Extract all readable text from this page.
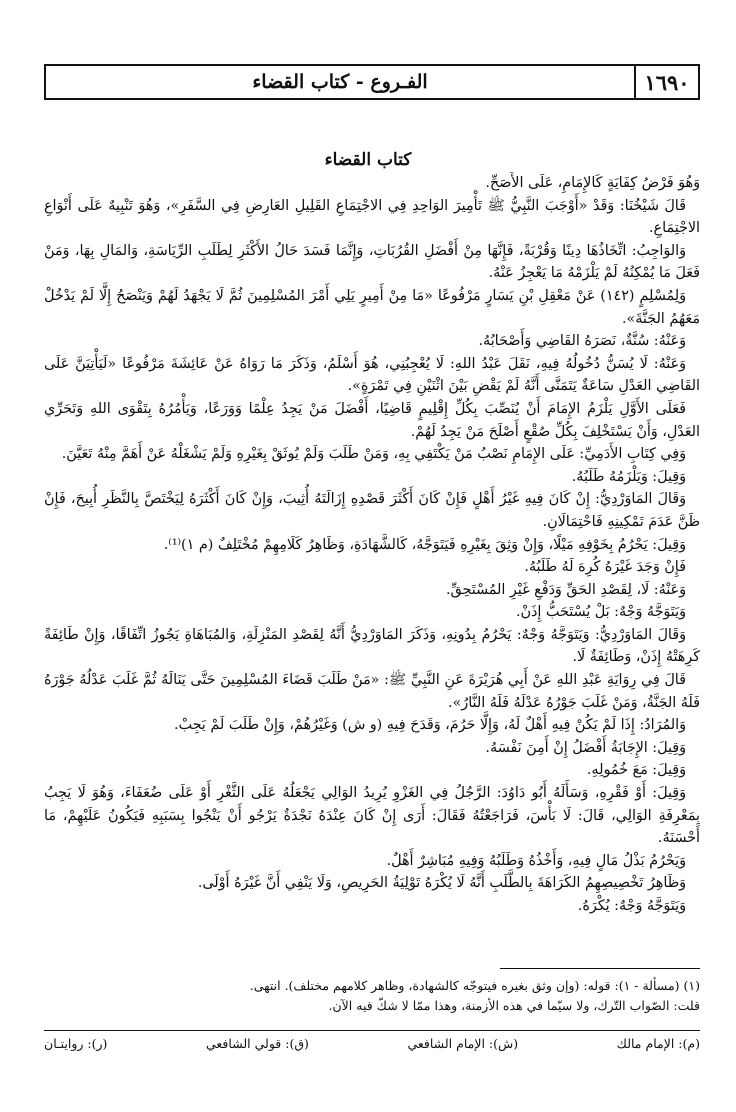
١٦٩٠
الفـروع - كتاب القضاء
كتاب القضاء

وَهُوَ فَرْضُ كِفَايَةٍ كَالإِمَامِ، عَلَى الأَصَحِّ.

قَالَ شَيْخُنَا: وَقَدْ «أَوْجَبَ النَّبِيُّ ﷺ تَأْمِيرَ الوَاحِدِ فِي الاجْتِمَاعِ القَلِيلِ العَارِضِ فِي السَّفَرِ»، وَهُوَ تَنْبِيهٌ عَلَى أَنْوَاعِ الاجْتِمَاعِ.

وَالوَاجِبُ: اتِّخَاذُهَا دِينًا وَقُرْبَةً، فَإِنَّهَا مِنْ أَفْضَلِ القُرُبَاتِ، وَإِنَّمَا فَسَدَ حَالُ الأَكْثَرِ لِطَلَبِ الرِّيَاسَةِ، وَالمَالِ بِهَا، وَمَنْ فَعَلَ مَا يُمْكِنُهُ لَمْ يَلْزَمْهُ مَا يَعْجِزُ عَنْهُ.

وَلِمُسْلِمٍ (١٤٢) عَنْ مَعْقِلِ بْنِ يَسَارٍ مَرْفُوعًا «مَا مِنْ أَمِيرٍ يَلِي أَمْرَ المُسْلِمِينَ ثُمَّ لَا يَجْهَدُ لَهُمْ وَيَنْصَحُ إِلَّا لَمْ يَدْخُلْ مَعَهُمُ الجَنَّةَ».

وَعَنْهُ: سُنَّةٌ، نَصَرَهُ القَاضِي وَأَصْحَابُهُ.

وَعَنْهُ: لَا يُسَنُّ دُخُولُهُ فِيهِ، نَقَلَ عَبْدُ اللهِ: لَا يُعْجِبُنِي، هُوَ أَسْلَمُ، وَذَكَرَ مَا رَوَاهُ عَنْ عَائِشَةَ مَرْفُوعًا «لَيَأْتِيَنَّ عَلَى القَاضِي العَدْلِ سَاعَةٌ يَتَمَنَّى أَنَّهُ لَمْ يَقْضِ بَيْنَ اثْنَيْنِ فِي تَمْرَةٍ».

فَعَلَى الأَوَّلِ يَلْزَمُ الإِمَامَ أَنْ يُنَصِّبَ بِكُلِّ إِقْلِيمٍ قَاضِيًا، أَفْضَلَ مَنْ يَجِدُ عِلْمًا وَوَرَعًا، وَيَأْمُرُهُ بِتَقْوَى اللهِ وَتَحَرِّي العَدْلِ، وَأَنْ يَسْتَخْلِفَ بِكُلِّ صُقْعٍ أَصْلَحَ مَنْ يَجِدُ لَهُمْ.

وَفِي كِتَابِ الأَدَمِيِّ: عَلَى الإِمَامِ نَصْبُ مَنْ يَكْتَفِي بِهِ، وَمَنْ طَلَبَ وَلَمْ يُوثَقْ بِغَيْرِهِ وَلَمْ يَشْغَلْهُ عَنْ أَهَمَّ مِنْهُ تَعَيَّنَ.

وَقِيلَ: وَيَلْزَمُهُ طَلَبُهُ.

وَقَالَ المَاوَرْدِيُّ: إِنْ كَانَ فِيهِ غَيْرُ أَهْلٍ فَإِنْ كَانَ أَكْثَرَ قَصْدِهِ إِزَالَتَهُ أُثِيبَ، وَإِنْ كَانَ أَكْثَرَهُ لِيَخْتَصَّ بِالنَّظَرِ أُبِيحَ، فَإِنْ ظَنَّ عَدَمَ تَمْكِينِهِ فَاحْتِمَالَانِ.

وَقِيلَ: يَحْرُمُ بِخَوْفِهِ مَيْلًا، وَإِنْ وَثِقَ بِغَيْرِهِ فَيَتَوَجَّهُ، كَالشَّهَادَةِ، وَظَاهِرُ كَلَامِهِمْ مُخْتَلِفٌ (م ١)⁽¹⁾.

فَإِنْ وَجَدَ غَيْرَهُ كُرِهَ لَهُ طَلَبُهُ.

وَعَنْهُ: لَا، لِقَصْدِ الحَقِّ وَدَفْعِ غَيْرِ المُسْتَحِقِّ.

وَيَتَوَجَّهُ وَجْهٌ: بَلْ يُسْتَحَبُّ إِذَنْ.

وَقَالَ المَاوَرْدِيُّ: وَيَتَوَجَّهُ وَجْهٌ: يَحْرُمُ بِدُونِهِ، وَذَكَرَ المَاوَرْدِيُّ أَنَّهُ لِقَصْدِ المَنْزِلَةِ، وَالمُبَاهَاةِ يَجُوزُ اتِّفَاقًا، وَإِنْ طَائِفَةً كَرِهَتْهُ إِذَنْ، وَطَائِفَةٌ لَا.

قَالَ فِي رِوَايَةِ عَبْدِ اللهِ عَنْ أَبِي هُرَيْرَةَ عَنِ النَّبِيِّ ﷺ: «مَنْ طَلَبَ قَضَاءَ المُسْلِمِينَ حَتَّى يَنَالَهُ ثُمَّ غَلَبَ عَدْلُهُ جَوْرَهُ فَلَهُ الجَنَّةُ، وَمَنْ غَلَبَ جَوْرُهُ عَدْلَهُ فَلَهُ النَّارُ».

وَالمُرَادُ: إِذَا لَمْ يَكُنْ فِيهِ أَهْلٌ لَهُ، وَإِلَّا حَرُمَ، وَقَدَحَ فِيهِ (و ش) وَغَيْرُهُمْ، وَإِنْ طَلَبَ لَمْ يَجِبْ.

وَقِيلَ: الإِجَابَةُ أَفْضَلُ إِنْ أَمِنَ نَفْسَهُ.

وَقِيلَ: مَعَ خُمُولِهِ.

وَقِيلَ: أَوْ فَقْرِهِ، وَسَأَلَهُ أَبُو دَاوُدَ: الرَّجُلُ فِي الغَزْوِ يُرِيدُ الوَالِي يَجْعَلُهُ عَلَى الثَّغْرِ أَوْ عَلَى ضُعَفَاءَ، وَهُوَ لَا يَجِبُ بِمَعْرِفَةِ الوَالِي، قَالَ: لَا بَأْسَ، فَرَاجَعْتُهُ فَقَالَ: أَرَى إِنْ كَانَ عِنْدَهُ نَجْدَةٌ يَرْجُو أَنْ يَنْجُوا بِسَبَبِهِ فَيَكُونُ عَلَيْهِمْ، مَا أَحْسَنَهُ.

وَيَحْرُمُ بَذْلُ مَالٍ فِيهِ، وَأَخْذُهُ وَطَلَبُهُ وَفِيهِ مُبَاشِرٌ أَهْلٌ.

وَظَاهِرُ تَخْصِيصِهِمُ الكَرَاهَةَ بِالطَّلَبِ أَنَّهُ لَا يُكْرَهُ تَوْلِيَةُ الحَرِيصِ، وَلَا يَنْفِي أَنَّ غَيْرَهُ أَوْلَى.

وَيَتَوَجَّهُ وَجْهٌ: يُكْرَهُ.

(١) (مسألة - ١): قوله: (وإن وثق بغيره فيتوجّه كالشهادة، وظاهر كلامهم مختلف). انتهى.

قلت: الصّواب التّرك، ولا سيّما في هذه الأزمنة، وهذا ممّا لا شكّ فيه الآن.

(م): الإمام مالك
(ش): الإمام الشافعي
(ق): قولي الشافعي
(ر): روايتـان
